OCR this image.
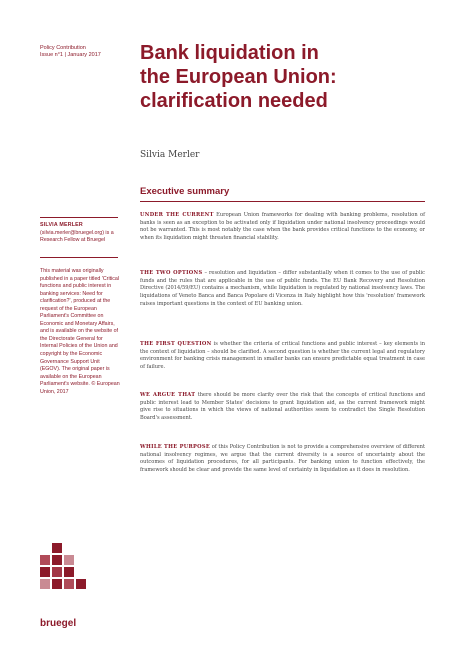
Policy Contribution
Issue n°1 | January 2017	Bank liquidation in
the European Union:
clarification needed
Silvia Merler
Executive summary
SILVIA MERLER (silvia.merler@bruegel.org) is a Research Fellow at Bruegel
This material was originally published in a paper titled 'Critical functions and public interest in banking services: Need for clarification?', produced at the request of the European Parliament's Committee on Economic and Monetary Affairs, and is available on the website of the Directorate General for Internal Policies of the Union and copyright by the Economic Governance Support Unit (EGOV). The original paper is available on the European Parliament's website. © European Union, 2017
UNDER THE CURRENT European Union frameworks for dealing with banking problems, resolution of banks is seen as an exception to be activated only if liquidation under national insolvency proceedings would not be warranted. This is most notably the case when the bank provides critical functions to the economy, or when its liquidation might threaten financial stability.
THE TWO OPTIONS – resolution and liquidation – differ substantially when it comes to the use of public funds and the rules that are applicable in the use of public funds. The EU Bank Recovery and Resolution Directive (2014/59/EU) contains a mechanism, while liquidation is regulated by national insolvency laws. The liquidations of Veneto Banca and Banca Popolare di Vicenza in Italy highlight how this 'resolution' framework raises important questions in the context of EU banking union.
THE FIRST QUESTION is whether the criteria of critical functions and public interest – key elements in the context of liquidation – should be clarified. A second question is whether the current legal and regulatory environment for banking crisis management in smaller banks can ensure predictable equal treatment in case of failure.
WE ARGUE THAT there should be more clarity over the risk that the concepts of critical functions and public interest lead to Member States' decisions to grant liquidation aid, as the current framework might give rise to situations in which the views of national authorities seem to contradict the Single Resolution Board's assessment.
WHILE THE PURPOSE of this Policy Contribution is not to provide a comprehensive overview of different national insolvency regimes, we argue that the current diversity is a source of uncertainty about the outcomes of liquidation procedures, for all participants. For banking union to function effectively, the framework should be clear and provide the same level of certainty in liquidation as it does in resolution.
bruegel
